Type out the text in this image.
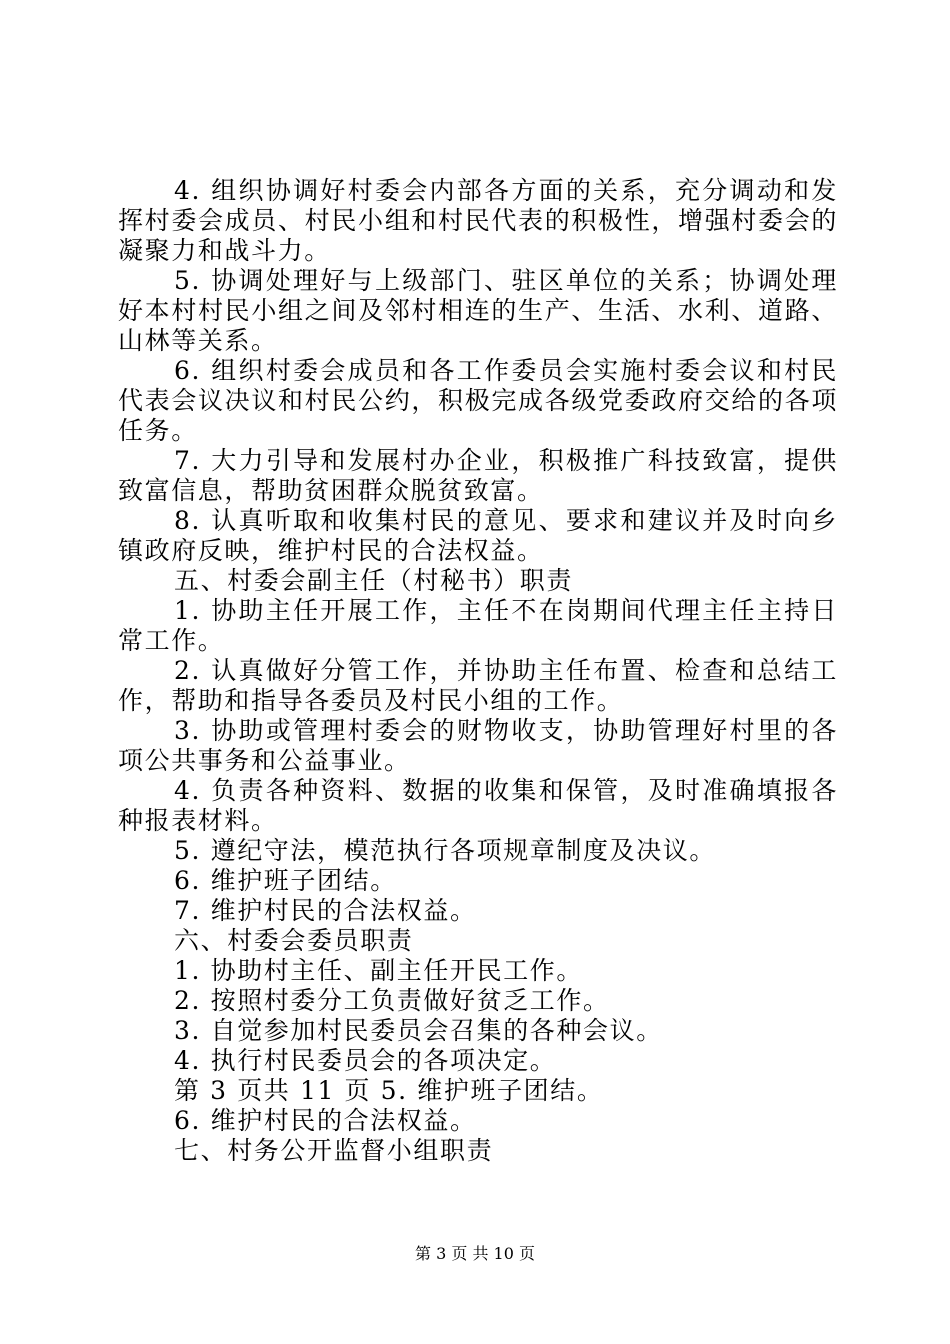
4. 组织协调好村委会内部各方面的关系，充分调动和发挥村委会成员、村民小组和村民代表的积极性，增强村委会的凝聚力和战斗力。

5. 协调处理好与上级部门、驻区单位的关系；协调处理好本村村民小组之间及邻村相连的生产、生活、水利、道路、山林等关系。

6. 组织村委会成员和各工作委员会实施村委会议和村民代表会议决议和村民公约，积极完成各级党委政府交给的各项任务。

7. 大力引导和发展村办企业，积极推广科技致富，提供致富信息，帮助贫困群众脱贫致富。

8. 认真听取和收集村民的意见、要求和建议并及时向乡镇政府反映，维护村民的合法权益。

五、村委会副主任（村秘书）职责

1. 协助主任开展工作，主任不在岗期间代理主任主持日常工作。

2. 认真做好分管工作，并协助主任布置、检查和总结工作，帮助和指导各委员及村民小组的工作。

3. 协助或管理村委会的财物收支，协助管理好村里的各项公共事务和公益事业。

4. 负责各种资料、数据的收集和保管，及时准确填报各种报表材料。

5. 遵纪守法，模范执行各项规章制度及决议。

6. 维护班子团结。

7. 维护村民的合法权益。

六、村委会委员职责

1. 协助村主任、副主任开民工作。

2. 按照村委分工负责做好贫乏工作。

3. 自觉参加村民委员会召集的各种会议。

4. 执行村民委员会的各项决定。

第 3 页共 11 页 5. 维护班子团结。

6. 维护村民的合法权益。

七、村务公开监督小组职责

第 3 页 共 10 页
